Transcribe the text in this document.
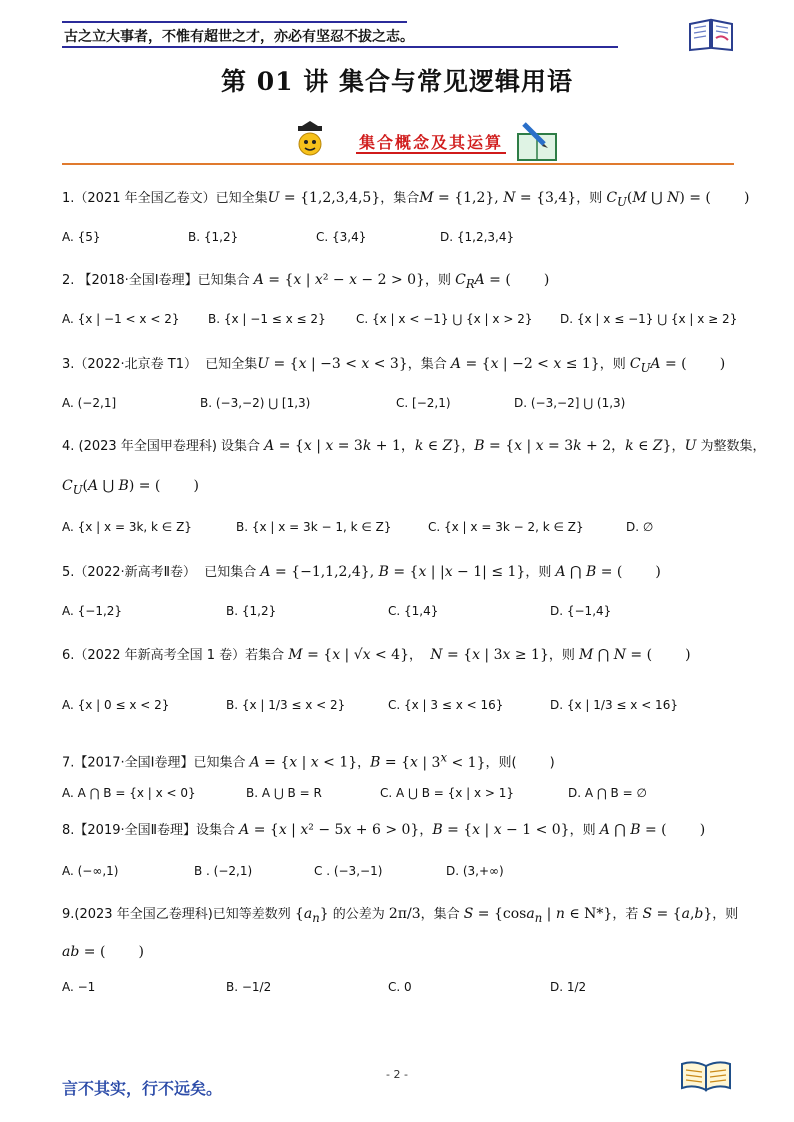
古之立大事者，不惟有超世之才，亦必有坚忍不拔之志。
第 01 讲 集合与常见逻辑用语
集合概念及其运算
1.（2021 年全国乙卷文）已知全集U = {1,2,3,4,5}，集合M = {1,2}, N = {3,4}，则 $C_U(M$ ⋃ N) = ( )
A. {5}	B. {1,2}	C. {3,4}	D. {1,2,3,4}
2. 【2018·全国Ⅰ卷理】已知集合 A = {x | x² − x − 2 > 0}，则 $C_RA$ = ( )
A. {x | −1 < x < 2} B. {x | −1 ≤ x ≤ 2}	C. {x | x < −1} ⋃ {x | x > 2} D. {x | x ≤ −1} ⋃ {x | x ≥ 2}
3.（2022·北京卷 T1）  已知全集U = {x | −3 < x < 3}，集合 A = {x | −2 < x ≤ 1}，则 $C_UA$ = ( )
A. (−2,1]	B. (−3,−2) ⋃ [1,3)	C. [−2,1)	D. (−3,−2] ⋃ (1,3)
4. (2023 年全国甲卷理科) 设集合 A = {x | x = 3k + 1，k ∈ Z}，B = {x | x = 3k + 2，k ∈ Z}，U 为整数集，
$C_U(A$ ⋃ B) = ( )
A. {x | x = 3k, k ∈ Z}	B. {x | x = 3k − 1, k ∈ Z}	C. {x | x = 3k − 2, k ∈ Z}	D. ∅
5.（2022·新高考Ⅱ卷）  已知集合 A = {−1,1,2,4}, B = {x | |x − 1| ≤ 1}，则 A ⋂ B = ( )
A. {−1,2}	B. {1,2}	C. {1,4}	D. {−1,4}
6.（2022 年新高考全国 1 卷）若集合 M = {x | √x < 4}，  N = {x | 3x ≥ 1}，则 M ⋂ N = ( )
A. {x | 0 ≤ x < 2}	B. {x | 1/3 ≤ x < 2}	C. {x | 3 ≤ x < 16}	D. {x | 1/3 ≤ x < 16}
7.【2017·全国Ⅰ卷理】已知集合 A = {x | x < 1}，B = {x | $3^x < 1$}，则(        )
A. A ⋂ B = {x | x < 0}	B. A ⋃ B = R	C. A ⋃ B = {x | x > 1}	D. A ⋂ B = ∅
8.【2019·全国Ⅱ卷理】设集合 A = {x | x² − 5x + 6 > 0}，B = {x | x − 1 < 0}，则 A ⋂ B = ( )
A. (−∞,1)	B . (−2,1)	C . (−3,−1)	D. (3,+∞)
9.(2023 年全国乙卷理科)已知等差数列 $\{a_n\}$ 的公差为 2π/3，集合 S = {cosa$_n$ | n ∈ N*}，若 S = {a,b}，则
ab = ( )
A. −1	B. −1/2	C. 0	D. 1/2
- 2 -
言不其实，行不远矣。
